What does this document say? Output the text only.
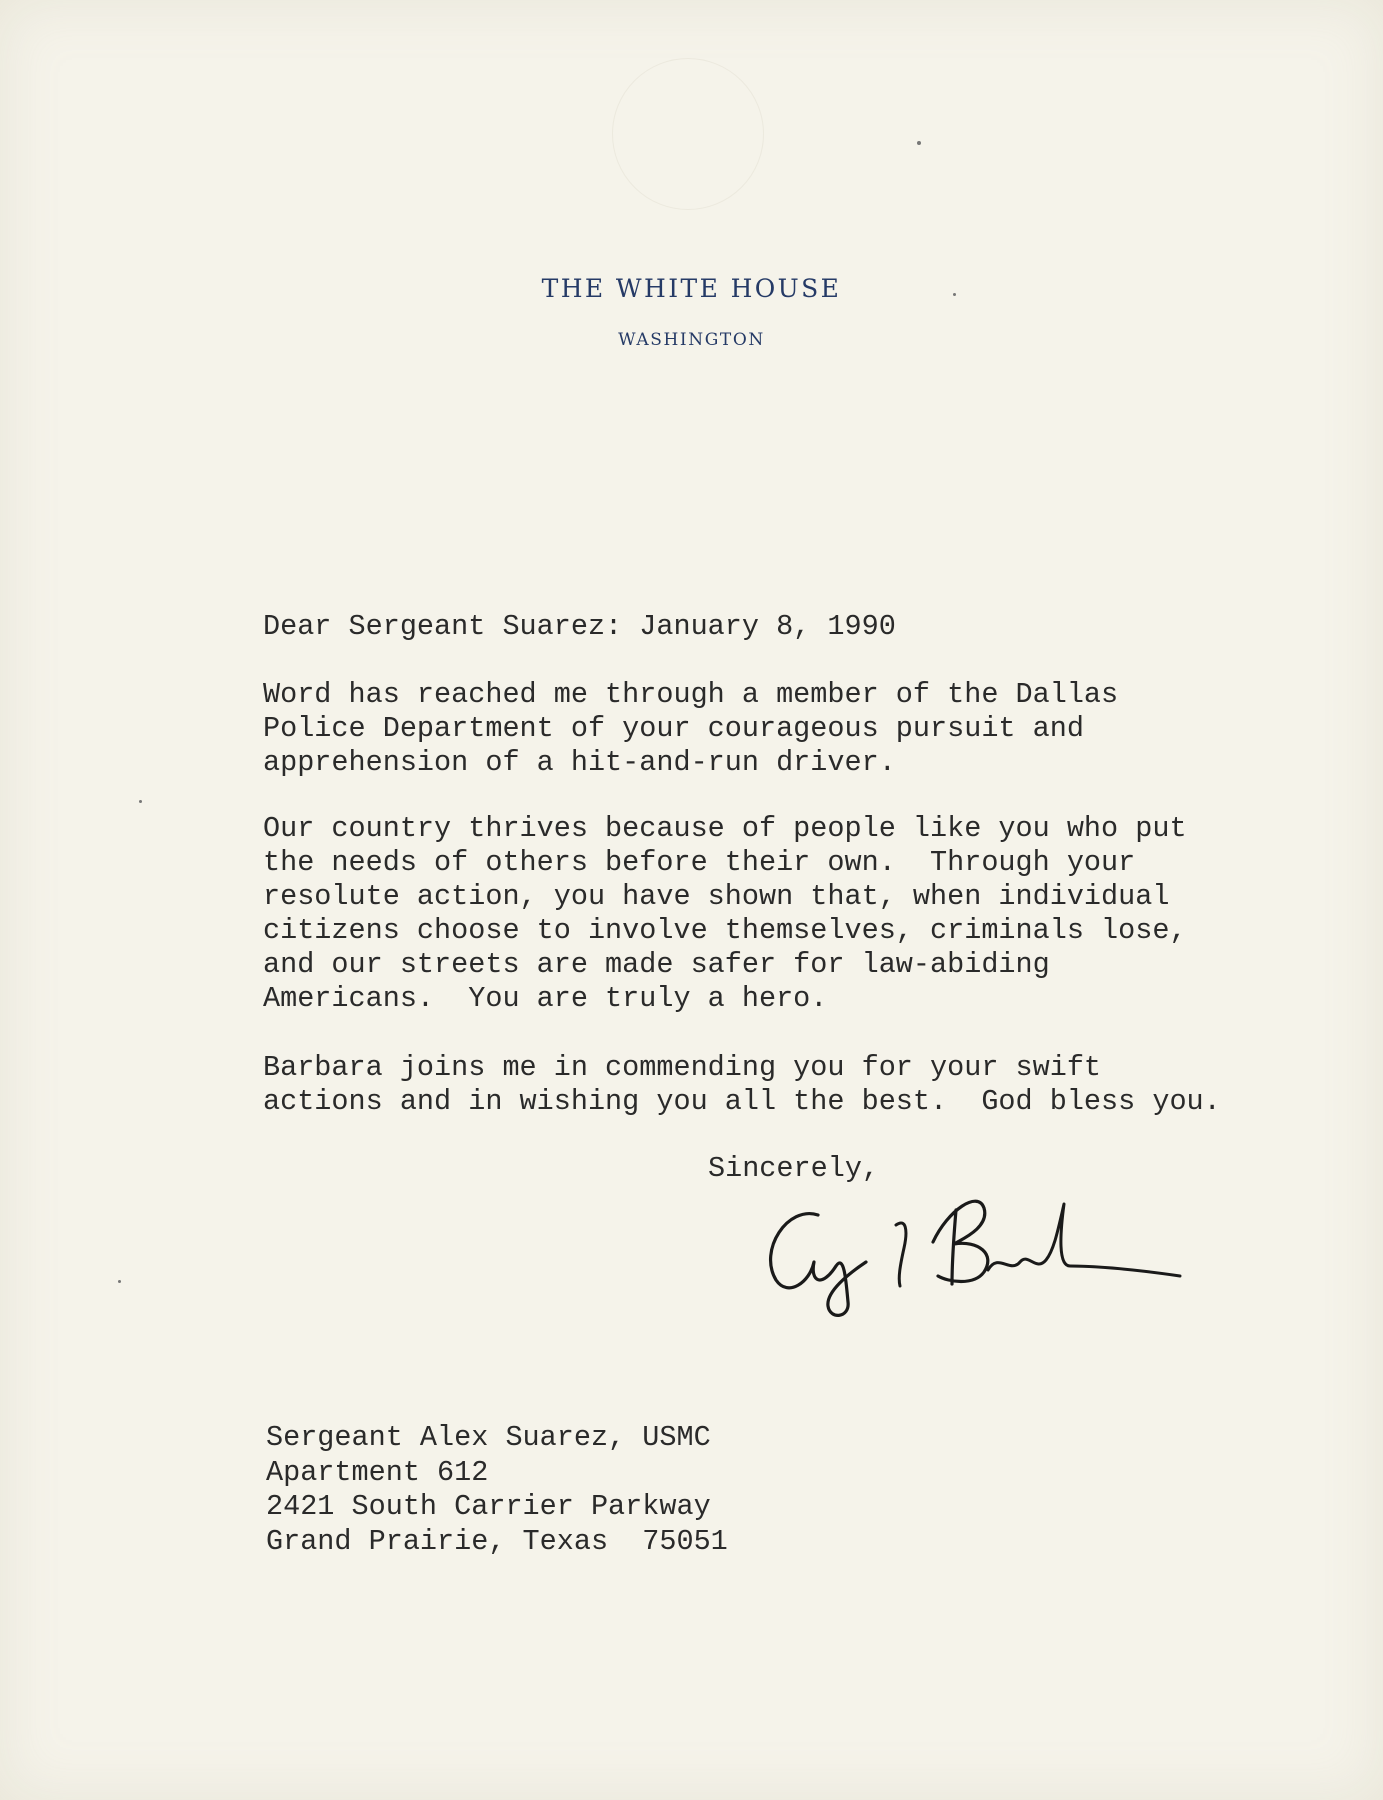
THE WHITE HOUSE
WASHINGTON

Dear Sergeant Suarez: January 8, 1990

Word has reached me through a member of the Dallas
Police Department of your courageous pursuit and
apprehension of a hit-and-run driver.

Our country thrives because of people like you who put
the needs of others before their own.  Through your
resolute action, you have shown that, when individual
citizens choose to involve themselves, criminals lose,
and our streets are made safer for law-abiding
Americans.  You are truly a hero.

Barbara joins me in commending you for your swift
actions and in wishing you all the best.  God bless you.

Sincerely,

Sergeant Alex Suarez, USMC
Apartment 612
2421 South Carrier Parkway
Grand Prairie, Texas  75051
